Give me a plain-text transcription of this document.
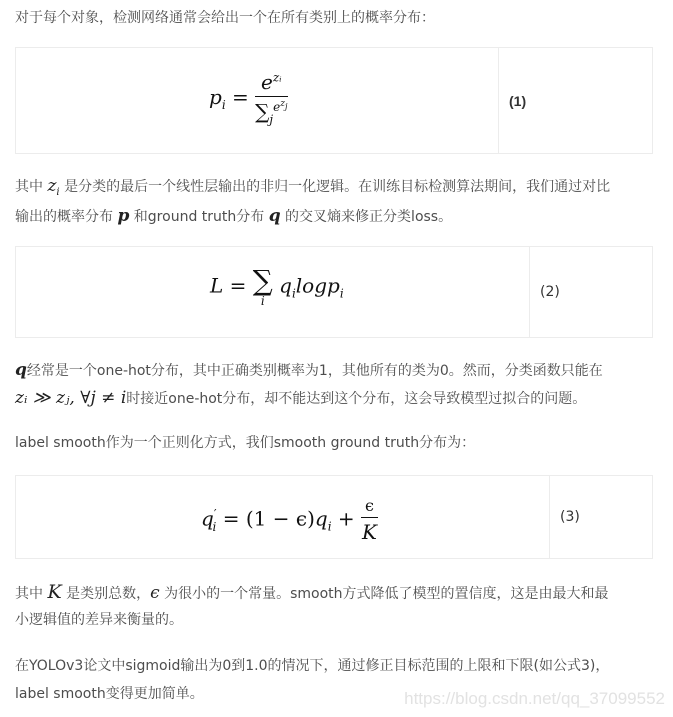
对于每个对象，检测网络通常会给出一个在所有类别上的概率分布：
$p_i = \frac{e^{zᵢ}}{\sum_j^{e^{z_j}}}$	(1)
其中 $z_i$ 是分类的最后一个线性层输出的非归一化逻辑。在训练目标检测算法期间，我们通过对比
输出的概率分布 p 和ground truth分布 q 的交叉熵来修正分类loss。
L = ∑
i
$q_i\log p_i$	(2)
q经常是一个one-hot分布，其中正确类别概率为1，其他所有的类为0。然而，分类函数只能在
zᵢ ≫ zⱼ, ∀j ≠ i时接近one-hot分布，却不能达到这个分布，这会导致模型过拟合的问题。
label smooth作为一个正则化方式，我们smooth ground truth分布为：
$q'_i = (1 - \epsilon)q_i + \frac{\epsilon}{K}$	(3)
其中 K 是类别总数，ϵ 为很小的一个常量。smooth方式降低了模型的置信度，这是由最大和最
小逻辑值的差异来衡量的。
在YOLOv3论文中sigmoid输出为0到1.0的情况下，通过修正目标范围的上限和下限(如公式3)，
label smooth变得更加简单。	https://blog.csdn.net/qq_37099552
